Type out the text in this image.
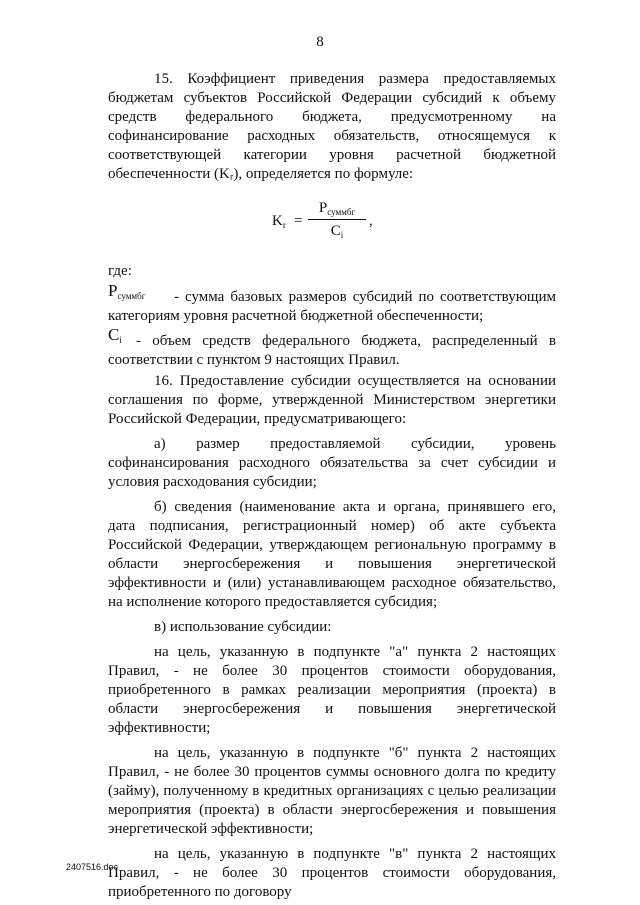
8

15. Коэффициент приведения размера предоставляемых бюджетам субъектов Российской Федерации субсидий к объему средств федерального бюджета, предусмотренному на софинансирование расходных обязательств, относящемуся к соответствующей категории уровня расчетной бюджетной обеспеченности (Kᵣ), определяется по формуле:

$K_r$ =
$P_{суммбг}$
$C_i$
,

где:

$P_{суммбг}$	- сумма базовых размеров субсидий по соответствующим категориям уровня расчетной бюджетной обеспеченности;

$C_i$ - объем средств федерального бюджета, распределенный в соответствии с пунктом 9 настоящих Правил.

16. Предоставление субсидии осуществляется на основании соглашения по форме, утвержденной Министерством энергетики Российской Федерации, предусматривающего:

а) размер предоставляемой субсидии, уровень софинансирования расходного обязательства за счет субсидии и условия расходования субсидии;

б) сведения (наименование акта и органа, принявшего его, дата подписания, регистрационный номер) об акте субъекта Российской Федерации, утверждающем региональную программу в области энергосбережения и повышения энергетической эффективности и (или) устанавливающем расходное обязательство, на исполнение которого предоставляется субсидия;

в) использование субсидии:

на цель, указанную в подпункте "а" пункта 2 настоящих Правил, - не более 30 процентов стоимости оборудования, приобретенного в рамках реализации мероприятия (проекта) в области энергосбережения и повышения энергетической эффективности;

на цель, указанную в подпункте "б" пункта 2 настоящих Правил, - не более 30 процентов суммы основного долга по кредиту (займу), полученному в кредитных организациях с целью реализации мероприятия (проекта) в области энергосбережения и повышения энергетической эффективности;

на цель, указанную в подпункте "в" пункта 2 настоящих Правил, - не более 30 процентов стоимости оборудования, приобретенного по договору

2407516.doc
